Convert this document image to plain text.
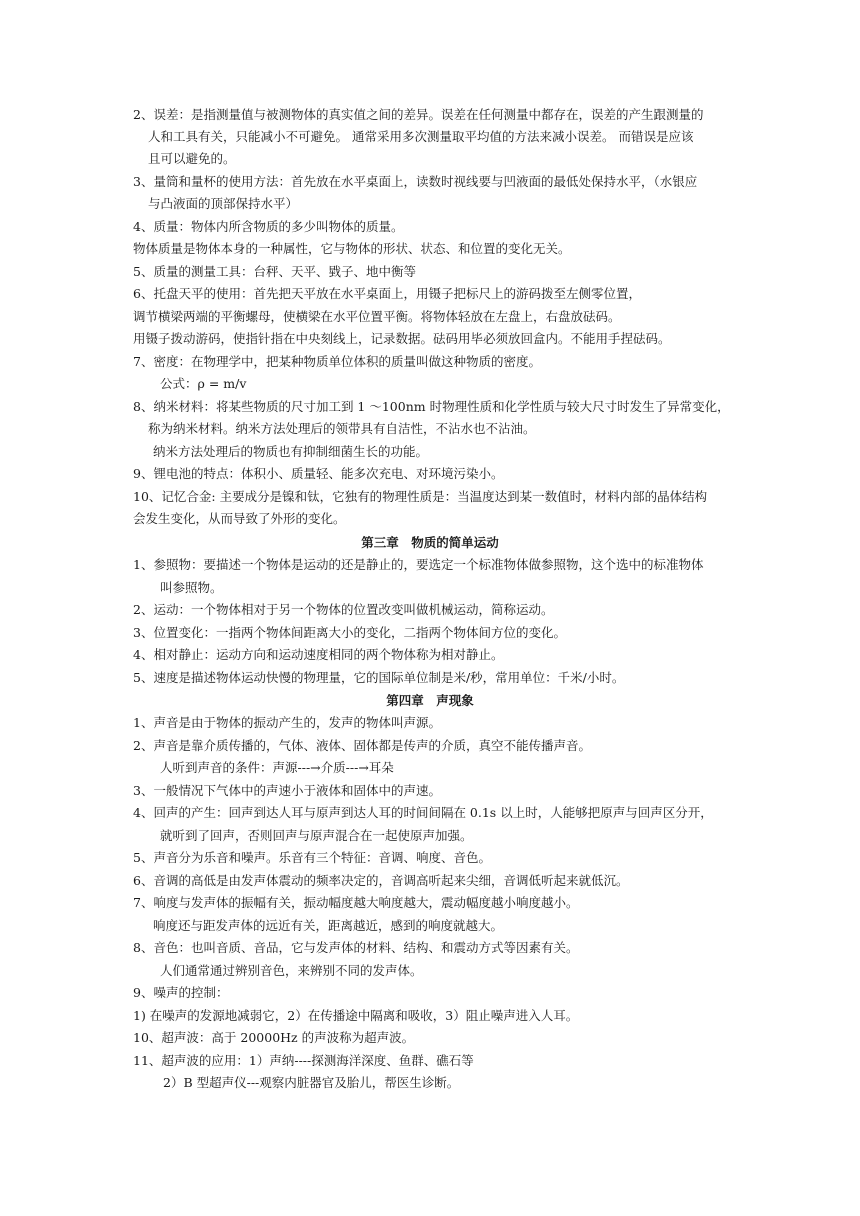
2、误差：是指测量值与被测物体的真实值之间的差异。误差在任何测量中都存在，误差的产生跟测量的
人和工具有关，只能减小不可避免。 通常采用多次测量取平均值的方法来减小误差。 而错误是应该
且可以避免的。
3、量筒和量杯的使用方法：首先放在水平桌面上，读数时视线要与凹液面的最低处保持水平，（水银应
与凸液面的顶部保持水平）
4、质量：物体内所含物质的多少叫物体的质量。
物体质量是物体本身的一种属性，它与物体的形状、状态、和位置的变化无关。
5、质量的测量工具：台秤、天平、戥子、地中衡等
6、托盘天平的使用：首先把天平放在水平桌面上，用镊子把标尺上的游码拨至左侧零位置，
调节横梁两端的平衡螺母，使横梁在水平位置平衡。将物体轻放在左盘上，右盘放砝码。
用镊子拨动游码，使指针指在中央刻线上，记录数据。砝码用毕必须放回盒内。不能用手捏砝码。
7、密度：在物理学中，把某种物质单位体积的质量叫做这种物质的密度。
公式：ρ = m/v
8、纳米材料：将某些物质的尺寸加工到 1 ～100nm 时物理性质和化学性质与较大尺寸时发生了异常变化，
称为纳米材料。纳米方法处理后的领带具有自洁性，不沾水也不沾油。
纳米方法处理后的物质也有抑制细菌生长的功能。
9、锂电池的特点：体积小、质量轻、能多次充电、对环境污染小。
10、记忆合金: 主要成分是镍和钛，它独有的物理性质是：当温度达到某一数值时，材料内部的晶体结构
会发生变化，从而导致了外形的变化。
第三章　物质的简单运动
1、参照物：要描述一个物体是运动的还是静止的，要选定一个标准物体做参照物，这个选中的标准物体
叫参照物。
2、运动：一个物体相对于另一个物体的位置改变叫做机械运动，简称运动。
3、位置变化：一指两个物体间距离大小的变化，二指两个物体间方位的变化。
4、相对静止：运动方向和运动速度相同的两个物体称为相对静止。
5、速度是描述物体运动快慢的物理量，它的国际单位制是米/秒，常用单位：千米/小时。
第四章　声现象
1、声音是由于物体的振动产生的，发声的物体叫声源。
2、声音是靠介质传播的，气体、液体、固体都是传声的介质，真空不能传播声音。
人听到声音的条件：声源---→介质---→耳朵
3、一般情况下气体中的声速小于液体和固体中的声速。
4、回声的产生：回声到达人耳与原声到达人耳的时间间隔在 0.1s 以上时，人能够把原声与回声区分开，
就听到了回声，否则回声与原声混合在一起使原声加强。
5、声音分为乐音和噪声。乐音有三个特征：音调、响度、音色。
6、音调的高低是由发声体震动的频率决定的，音调高听起来尖细，音调低听起来就低沉。
7、响度与发声体的振幅有关，振动幅度越大响度越大，震动幅度越小响度越小。
响度还与距发声体的远近有关，距离越近，感到的响度就越大。
8、音色：也叫音质、音品，它与发声体的材料、结构、和震动方式等因素有关。
人们通常通过辨别音色，来辨别不同的发声体。
9、噪声的控制：
1) 在噪声的发源地减弱它，2）在传播途中隔离和吸收，3）阻止噪声进入人耳。
10、超声波：高于 20000Hz 的声波称为超声波。
11、超声波的应用：1）声纳----探测海洋深度、鱼群、礁石等
2）B 型超声仪---观察内脏器官及胎儿，帮医生诊断。
